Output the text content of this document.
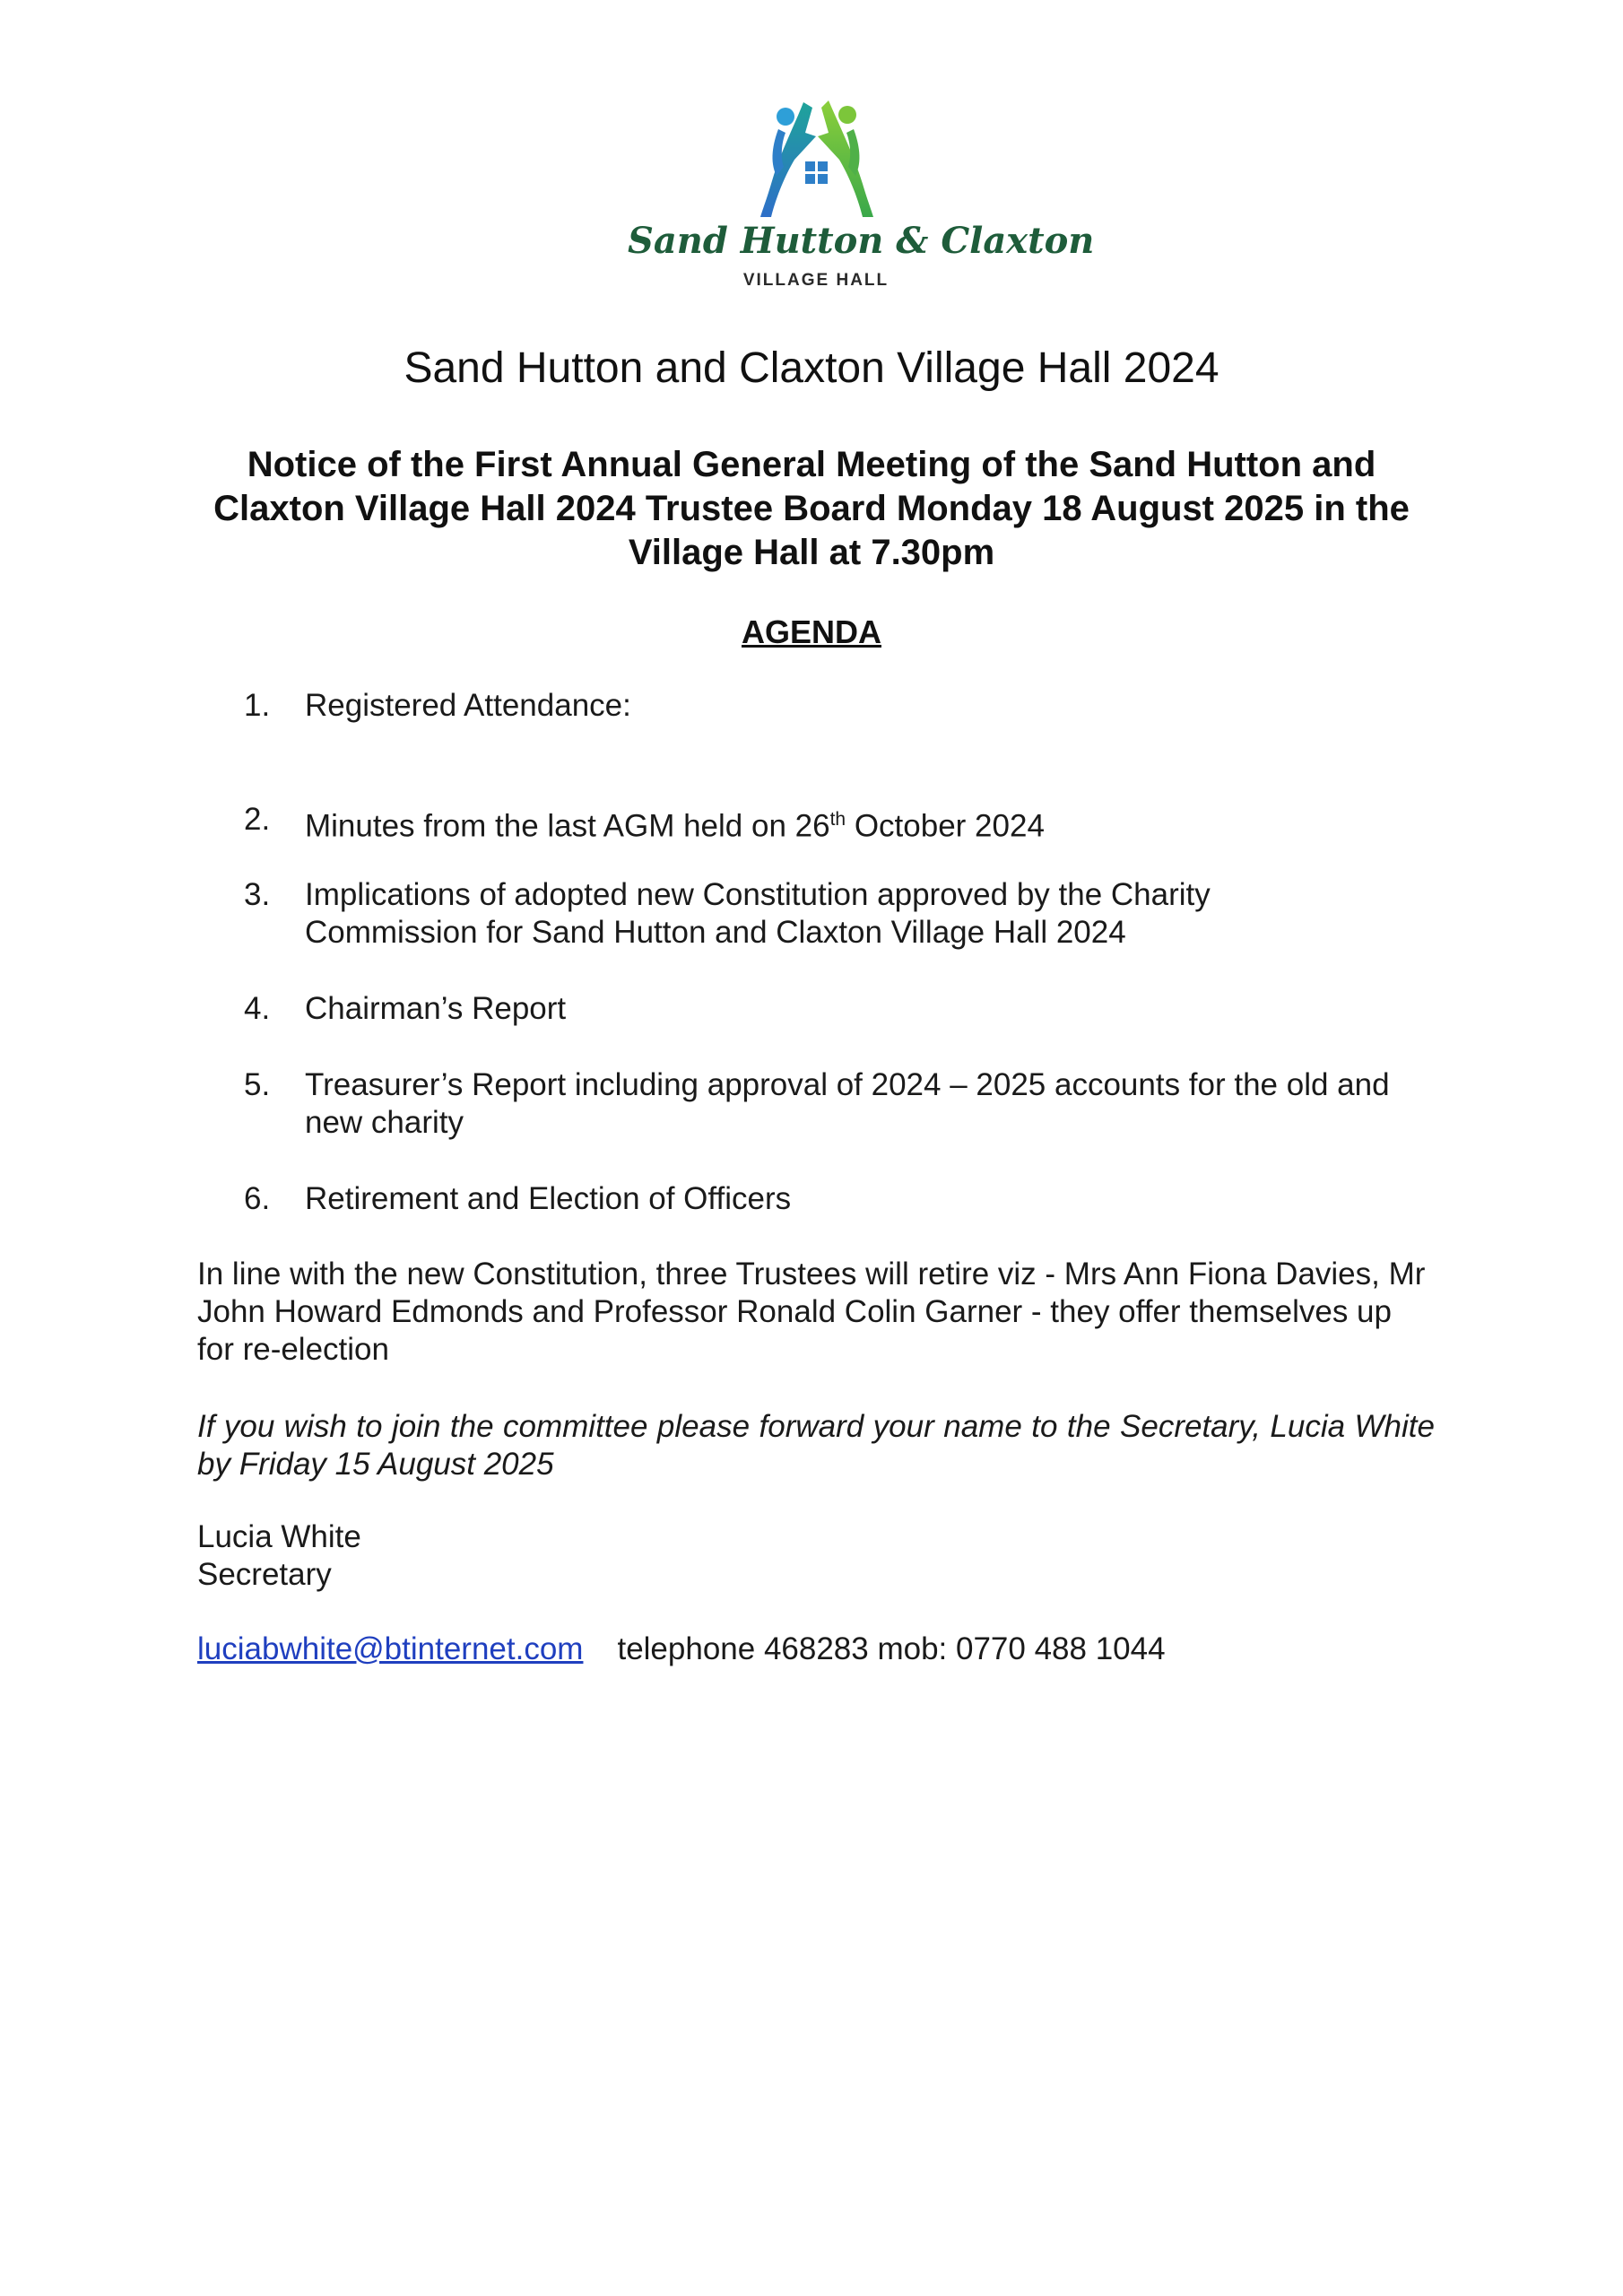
Sand Hutton & Claxton
VILLAGE HALL
Sand Hutton and Claxton Village Hall 2024
Notice of the First Annual General Meeting of the Sand Hutton and Claxton Village Hall 2024 Trustee Board Monday 18 August 2025 in the Village Hall at 7.30pm
AGENDA
1.	Registered Attendance:
2.	Minutes from the last AGM held on 26th October 2024
3.	Implications of adopted new Constitution approved by the Charity Commission for Sand Hutton and Claxton Village Hall 2024
4.	Chairman’s Report
5.	Treasurer’s Report including approval of 2024 – 2025 accounts for the old and new charity
6.	Retirement and Election of Officers
In line with the new Constitution, three Trustees will retire viz - Mrs Ann Fiona Davies, Mr John Howard Edmonds and Professor Ronald Colin Garner - they offer themselves up for re-election
If you wish to join the committee please forward your name to the Secretary, Lucia White by Friday 15 August 2025
Lucia White
Secretary
luciabwhite@btinternet.com telephone 468283 mob: 0770 488 1044
